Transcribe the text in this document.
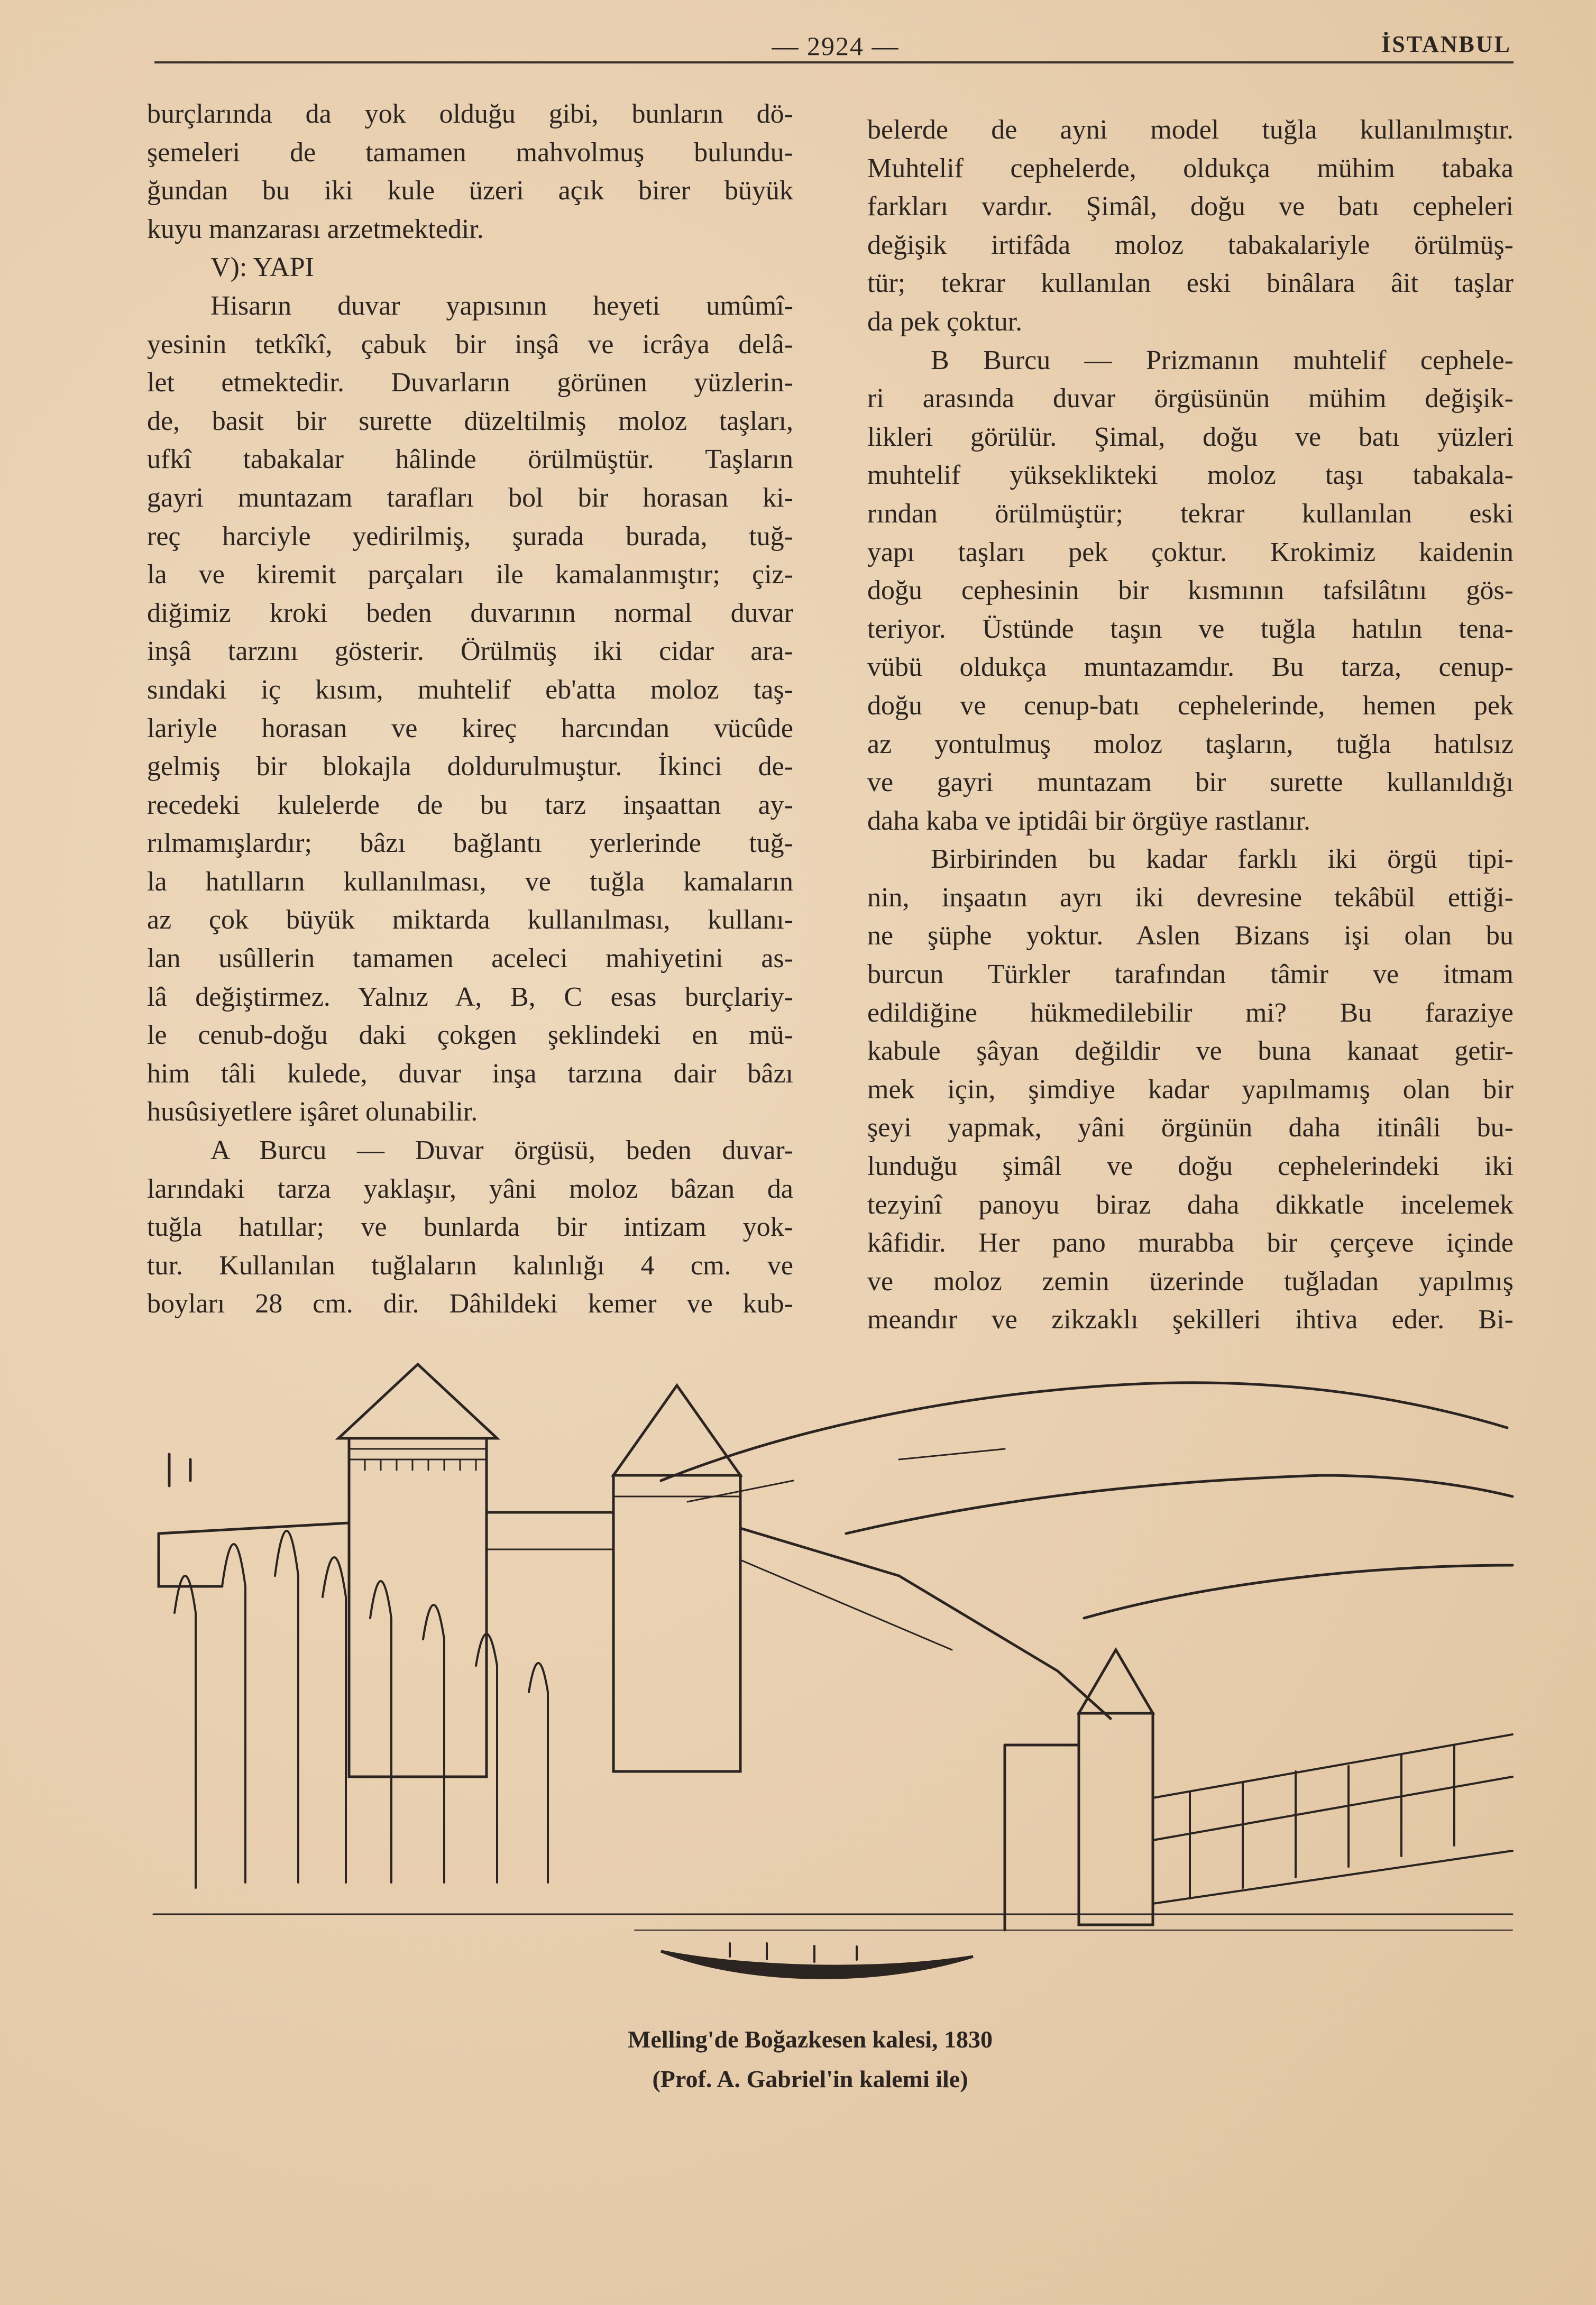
— 2924 —	İSTANBUL
burçlarında da yok olduğu gibi, bunların dö-
şemeleri de tamamen mahvolmuş bulundu-
ğundan bu iki kule üzeri açık birer büyük
kuyu manzarası arzetmektedir.
V): YAPI
Hisarın duvar yapısının heyeti umûmî-
yesinin tetkîkî, çabuk bir inşâ ve icrâya delâ-
let etmektedir. Duvarların görünen yüzlerin-
de, basit bir surette düzeltilmiş moloz taşları,
ufkî tabakalar hâlinde örülmüştür. Taşların
gayri muntazam tarafları bol bir horasan ki-
reç harciyle yedirilmiş, şurada burada, tuğ-
la ve kiremit parçaları ile kamalanmıştır; çiz-
diğimiz kroki beden duvarının normal duvar
inşâ tarzını gösterir. Örülmüş iki cidar ara-
sındaki iç kısım, muhtelif eb'atta moloz taş-
lariyle horasan ve kireç harcından vücûde
gelmiş bir blokajla doldurulmuştur. İkinci de-
recedeki kulelerde de bu tarz inşaattan ay-
rılmamışlardır; bâzı bağlantı yerlerinde tuğ-
la hatılların kullanılması, ve tuğla kamaların
az çok büyük miktarda kullanılması, kullanı-
lan usûllerin tamamen aceleci mahiyetini as-
lâ değiştirmez. Yalnız A, B, C esas burçlariy-
le cenub-doğu daki çokgen şeklindeki en mü-
him tâli kulede, duvar inşa tarzına dair bâzı
husûsiyetlere işâret olunabilir.
A Burcu — Duvar örgüsü, beden duvar-
larındaki tarza yaklaşır, yâni moloz bâzan da
tuğla hatıllar; ve bunlarda bir intizam yok-
tur. Kullanılan tuğlaların kalınlığı 4 cm. ve
boyları 28 cm. dir. Dâhildeki kemer ve kub-
belerde de ayni model tuğla kullanılmıştır.
Muhtelif cephelerde, oldukça mühim tabaka
farkları vardır. Şimâl, doğu ve batı cepheleri
değişik irtifâda moloz tabakalariyle örülmüş-
tür; tekrar kullanılan eski binâlara âit taşlar
da pek çoktur.
B Burcu — Prizmanın muhtelif cephele-
ri arasında duvar örgüsünün mühim değişik-
likleri görülür. Şimal, doğu ve batı yüzleri
muhtelif yükseklikteki moloz taşı tabakala-
rından örülmüştür; tekrar kullanılan eski
yapı taşları pek çoktur. Krokimiz kaidenin
doğu cephesinin bir kısmının tafsilâtını gös-
teriyor. Üstünde taşın ve tuğla hatılın tena-
vübü oldukça muntazamdır. Bu tarza, cenup-
doğu ve cenup-batı cephelerinde, hemen pek
az yontulmuş moloz taşların, tuğla hatılsız
ve gayri muntazam bir surette kullanıldığı
daha kaba ve iptidâi bir örgüye rastlanır.
Birbirinden bu kadar farklı iki örgü tipi-
nin, inşaatın ayrı iki devresine tekâbül ettiği-
ne şüphe yoktur. Aslen Bizans işi olan bu
burcun Türkler tarafından tâmir ve itmam
edildiğine hükmedilebilir mi? Bu faraziye
kabule şâyan değildir ve buna kanaat getir-
mek için, şimdiye kadar yapılmamış olan bir
şeyi yapmak, yâni örgünün daha itinâli bu-
lunduğu şimâl ve doğu cephelerindeki iki
tezyinî panoyu biraz daha dikkatle incelemek
kâfidir. Her pano murabba bir çerçeve içinde
ve moloz zemin üzerinde tuğladan yapılmış
meandır ve zikzaklı şekilleri ihtiva eder. Bi-
Melling'de Boğazkesen kalesi, 1830
(Prof. A. Gabriel'in kalemi ile)
